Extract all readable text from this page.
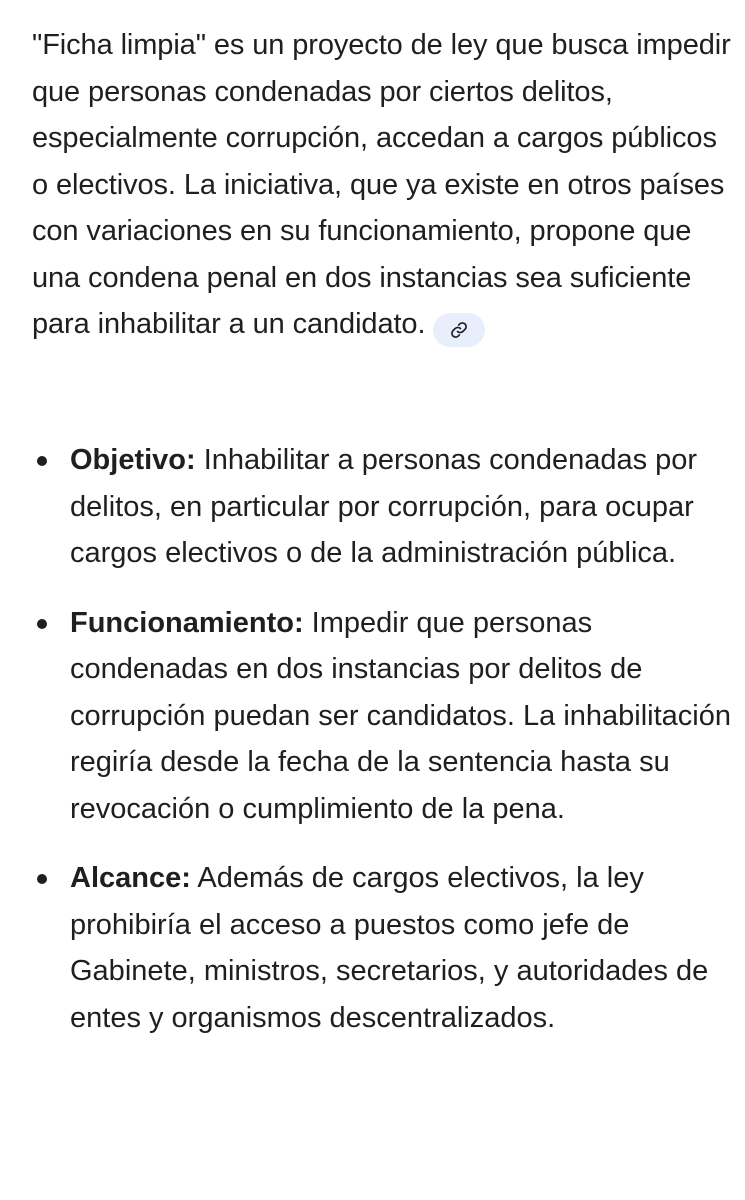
"Ficha limpia" es un proyecto de ley que busca impedir que personas condenadas por ciertos delitos, especialmente corrupción, accedan a cargos públicos o electivos. La iniciativa, que ya existe en otros países con variaciones en su funcionamiento, propone que una condena penal en dos instancias sea suficiente para inhabilitar a un candidato.

Objetivo: Inhabilitar a personas condenadas por delitos, en particular por corrupción, para ocupar cargos electivos o de la administración pública.
Funcionamiento: Impedir que personas condenadas en dos instancias por delitos de corrupción puedan ser candidatos. La inhabilitación regiría desde la fecha de la sentencia hasta su revocación o cumplimiento de la pena.
Alcance: Además de cargos electivos, la ley prohibiría el acceso a puestos como jefe de Gabinete, ministros, secretarios, y autoridades de entes y organismos descentralizados.
